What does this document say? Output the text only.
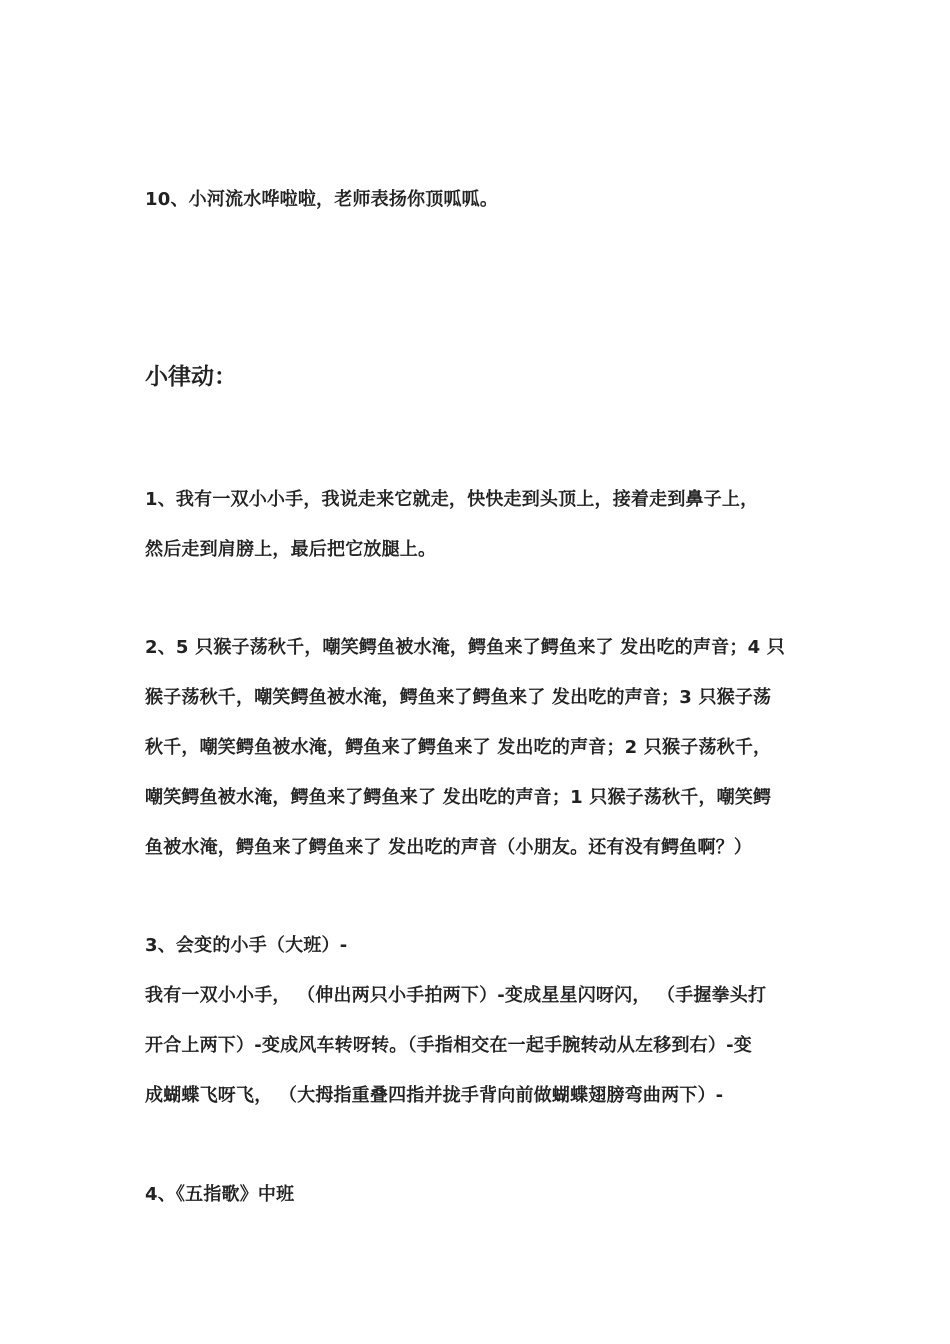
10、小河流水哗啦啦，老师表扬你顶呱呱。
小律动：
1、我有一双小小手，我说走来它就走，快快走到头顶上，接着走到鼻子上，
然后走到肩膀上，最后把它放腿上。
2、5 只猴子荡秋千，嘲笑鳄鱼被水淹，鳄鱼来了鳄鱼来了 发出吃的声音；4 只
猴子荡秋千，嘲笑鳄鱼被水淹，鳄鱼来了鳄鱼来了 发出吃的声音；3 只猴子荡
秋千，嘲笑鳄鱼被水淹，鳄鱼来了鳄鱼来了 发出吃的声音；2 只猴子荡秋千，
嘲笑鳄鱼被水淹，鳄鱼来了鳄鱼来了 发出吃的声音；1 只猴子荡秋千，嘲笑鳄
鱼被水淹，鳄鱼来了鳄鱼来了 发出吃的声音（小朋友。还有没有鳄鱼啊？）
3、会变的小手（大班）-
我有一双小小手， （伸出两只小手拍两下）-变成星星闪呀闪， （手握拳头打
开合上两下）-变成风车转呀转。（手指相交在一起手腕转动从左移到右）-变
成蝴蝶飞呀飞， （大拇指重叠四指并拢手背向前做蝴蝶翅膀弯曲两下）-
4、《五指歌》中班
